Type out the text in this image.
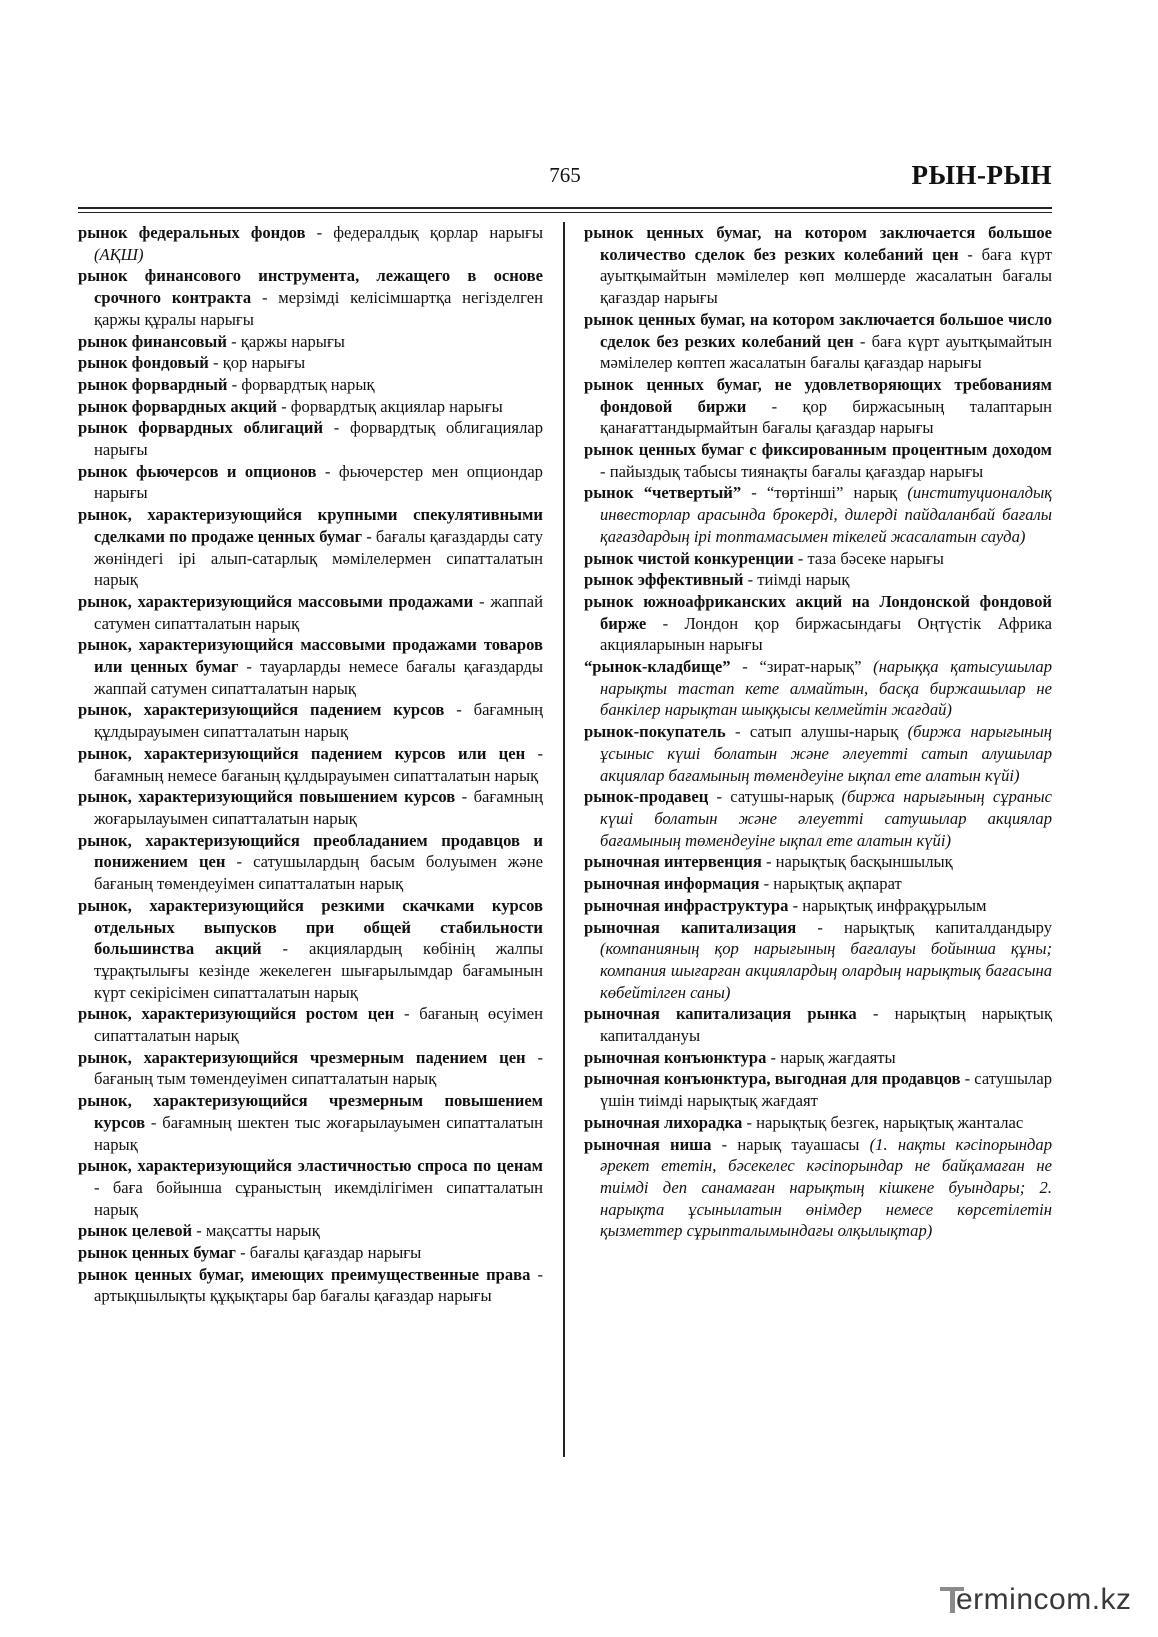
765	РЫН-РЫН
рынок федеральных фондов - федералдық қорлар нарығы (АҚШ)
рынок финансового инструмента, лежащего в основе срочного контракта - мерзімді келісімшартқа негізделген қаржы құралы нарығы
рынок финансовый - қаржы нарығы
рынок фондовый - қор нарығы
рынок форвардный - форвардтық нарық
рынок форвардных акций - форвардтық акциялар нарығы
рынок форвардных облигаций - форвардтық облигациялар нарығы
рынок фьючерсов и опционов - фьючерстер мен опциондар нарығы
рынок, характеризующийся крупными спекулятивными сделками по продаже ценных бумаг - бағалы қағаздарды сату жөніндегі ірі алып-сатарлық мәмілелермен сипатталатын нарық
рынок, характеризующийся массовыми продажами - жаппай сатумен сипатталатын нарық
рынок, характеризующийся массовыми продажами товаров или ценных бумаг - тауарларды немесе бағалы қағаздарды жаппай сатумен сипатталатын нарық
рынок, характеризующийся падением курсов - бағамның құлдырауымен сипатталатын нарық
рынок, характеризующийся падением курсов или цен - бағамның немесе бағаның құлдырауымен сипатталатын нарық
рынок, характеризующийся повышением курсов - бағамның жоғарылауымен сипатталатын нарық
рынок, характеризующийся преобладанием продавцов и понижением цен - сатушылардың басым болуымен және бағаның төмендеуімен сипатталатын нарық
рынок, характеризующийся резкими скачками курсов отдельных выпусков при общей стабильности большинства акций - акциялардың көбінің жалпы тұрақтылығы кезінде жекелеген шығарылымдар бағамынын күрт секірісімен сипатталатын нарық
рынок, характеризующийся ростом цен - бағаның өсуімен сипатталатын нарық
рынок, характеризующийся чрезмерным падением цен - бағаның тым төмендеуімен сипатталатын нарық
рынок, характеризующийся чрезмерным повышением курсов - бағамның шектен тыс жоғарылауымен сипатталатын нарық
рынок, характеризующийся эластичностью спроса по ценам - баға бойынша сұраныстың икемділігімен сипатталатын нарық
рынок целевой - мақсатты нарық
рынок ценных бумаг - бағалы қағаздар нарығы
рынок ценных бумаг, имеющих преимущественные права - артықшылықты құқықтары бар бағалы қағаздар нарығы
рынок ценных бумаг, на котором заключается большое количество сделок без резких колебаний цен - баға күрт ауытқымайтын мәмілелер көп мөлшерде жасалатын бағалы қағаздар нарығы
рынок ценных бумаг, на котором заключается большое число сделок без резких колебаний цен - баға күрт ауытқымайтын мәмілелер көптеп жасалатын бағалы қағаздар нарығы
рынок ценных бумаг, не удовлетворяющих требованиям фондовой биржи - қор биржасының талаптарын қанағаттандырмайтын бағалы қағаздар нарығы
рынок ценных бумаг с фиксированным процентным доходом - пайыздық табысы тиянақты бағалы қағаздар нарығы
рынок “четвертый” - “төртінші” нарық (институционалдық инвесторлар арасында брокерді, дилерді пайдаланбай бағалы қағаздардың ірі топтамасымен тікелей жасалатын сауда)
рынок чистой конкуренции - таза бәсеке нарығы
рынок эффективный - тиімді нарық
рынок южноафриканских акций на Лондонской фондовой бирже - Лондон қор биржасындағы Оңтүстік Африка акцияларынын нарығы
“рынок-кладбище” - “зират-нарық” (нарыққа қатысушылар нарықты тастап кете алмайтын, басқа биржашылар не банкілер нарықтан шыққысы келмейтін жағдай)
рынок-покупатель - сатып алушы-нарық (биржа нарығының ұсыныс күші болатын және әлеуетті сатып алушылар акциялар бағамының төмендеуіне ықпал ете алатын күйі)
рынок-продавец - сатушы-нарық (биржа нарығының сұраныс күші болатын және әлеуетті сатушылар акциялар бағамының төмендеуіне ықпал ете алатын күйі)
рыночная интервенция - нарықтық басқыншылық
рыночная информация - нарықтық ақпарат
рыночная инфраструктура - нарықтық инфрақұрылым
рыночная капитализация - нарықтық капиталдандыру (компанияның қор нарығының бағалауы бойынша құны; компания шығарған акциялардың олардың нарықтық бағасына көбейтілген саны)
рыночная капитализация рынка - нарықтың нарықтық капиталдануы
рыночная конъюнктура - нарық жағдаяты
рыночная конъюнктура, выгодная для продавцов - сатушылар үшін тиімді нарықтық жағдаят
рыночная лихорадка - нарықтық безгек, нарықтық жанталас
рыночная ниша - нарық тауашасы (1. нақты кәсіпорындар әрекет ететін, бәсекелес кәсіпорындар не байқамаған не тиімді деп санамаған нарықтың кішкене буындары; 2. нарықта ұсынылатын өнімдер немесе көрсетілетін қызметтер сұрыпталымындағы олқылықтар)
ermincom.kz
